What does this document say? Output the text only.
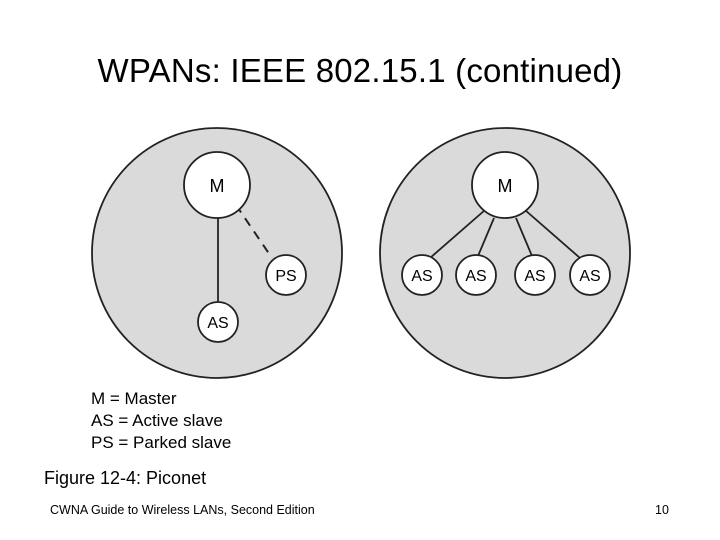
WPANs: IEEE 802.15.1 (continued)
M
PS
AS
M
AS AS AS AS
M = Master
AS = Active slave
PS = Parked slave
Figure 12-4: Piconet
CWNA Guide to Wireless LANs, Second Edition	10
